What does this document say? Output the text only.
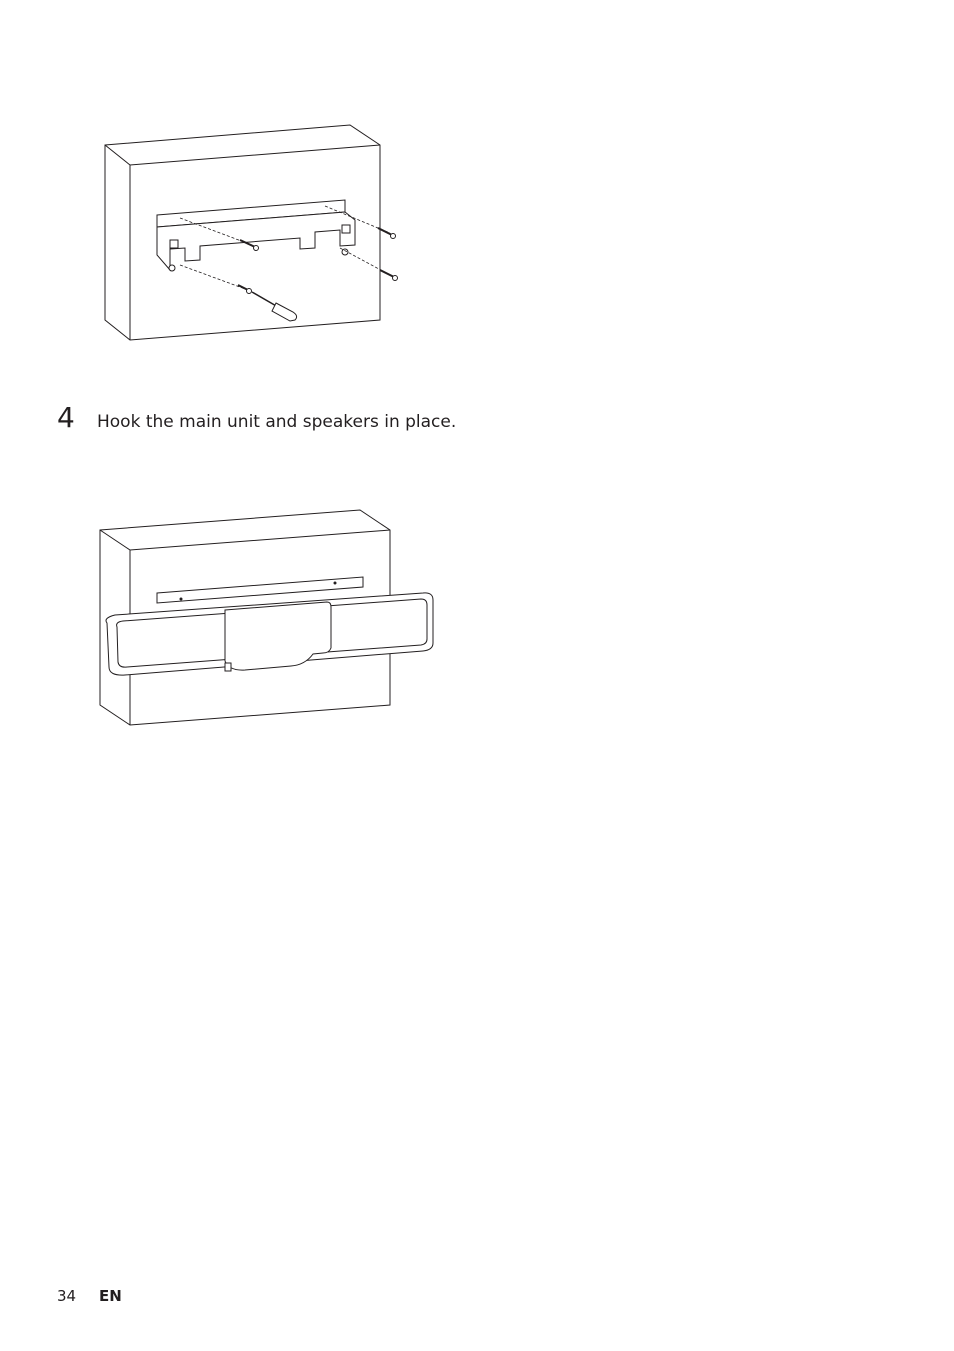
4	Hook the main unit and speakers in place.
34	EN
